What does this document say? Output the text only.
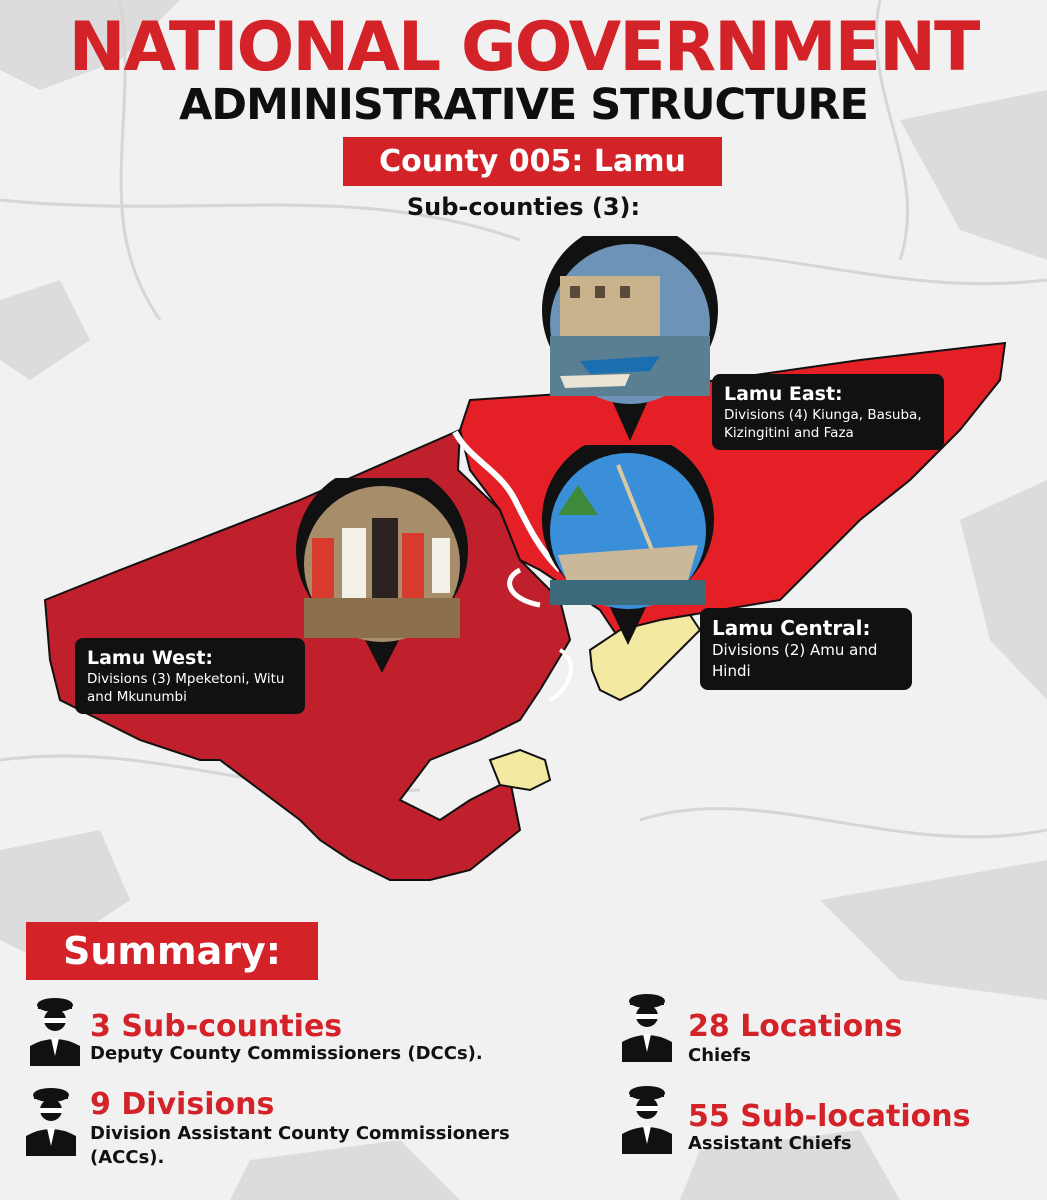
NATIONAL GOVERNMENT
ADMINISTRATIVE STRUCTURE
County 005: Lamu
Sub-counties (3):
Lamu East:
Divisions (4) Kiunga, Basuba, Kizingitini and Faza
Lamu West:
Divisions (3) Mpeketoni, Witu and Mkunumbi
Lamu Central:
Divisions (2) Amu and Hindi
Summary:
3 Sub-counties
Deputy County Commissioners (DCCs).
9 Divisions
Division Assistant County Commissioners (ACCs).
28 Locations
Chiefs
55 Sub-locations
Assistant Chiefs
